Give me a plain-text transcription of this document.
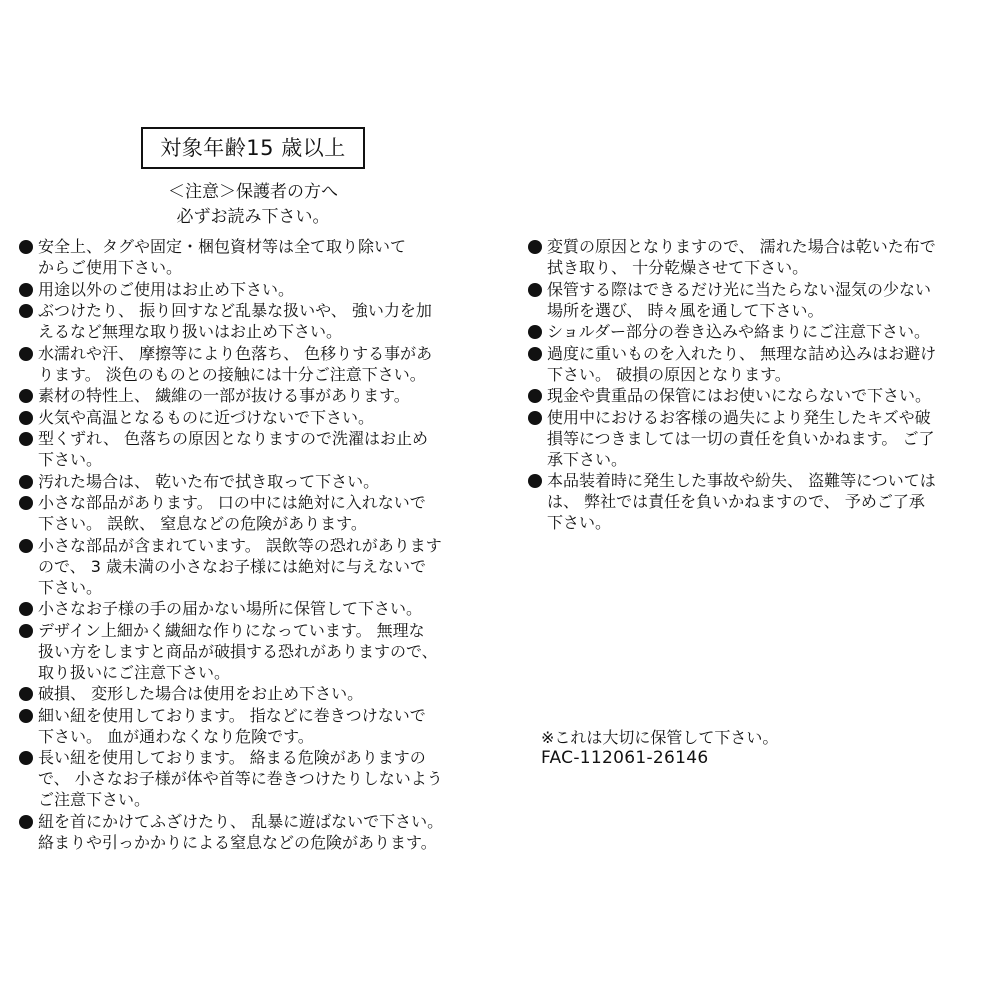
対象年齢15 歳以上
＜注意＞保護者の方へ
必ずお読み下さい。
安全上、タグや固定・梱包資材等は全て取り除いて
からご使用下さい。
用途以外のご使用はお止め下さい。
ぶつけたり、 振り回すなど乱暴な扱いや、 強い力を加
えるなど無理な取り扱いはお止め下さい。
水濡れや汗、 摩擦等により色落ち、 色移りする事があ
ります。 淡色のものとの接触には十分ご注意下さい。
素材の特性上、 繊維の一部が抜ける事があります。
火気や高温となるものに近づけないで下さい。
型くずれ、 色落ちの原因となりますので洗濯はお止め
下さい。
汚れた場合は、 乾いた布で拭き取って下さい。
小さな部品があります。 口の中には絶対に入れないで
下さい。 誤飲、 窒息などの危険があります。
小さな部品が含まれています。 誤飲等の恐れがあります
ので、 3 歳未満の小さなお子様には絶対に与えないで
下さい。
小さなお子様の手の届かない場所に保管して下さい。
デザイン上細かく繊細な作りになっています。 無理な
扱い方をしますと商品が破損する恐れがありますので、
取り扱いにご注意下さい。
破損、 変形した場合は使用をお止め下さい。
細い紐を使用しております。 指などに巻きつけないで
下さい。 血が通わなくなり危険です。
長い紐を使用しております。 絡まる危険がありますの
で、 小さなお子様が体や首等に巻きつけたりしないよう
ご注意下さい。
紐を首にかけてふざけたり、 乱暴に遊ばないで下さい。
絡まりや引っかかりによる窒息などの危険があります。
変質の原因となりますので、 濡れた場合は乾いた布で
拭き取り、 十分乾燥させて下さい。
保管する際はできるだけ光に当たらない湿気の少ない
場所を選び、 時々風を通して下さい。
ショルダー部分の巻き込みや絡まりにご注意下さい。
過度に重いものを入れたり、 無理な詰め込みはお避け
下さい。 破損の原因となります。
現金や貴重品の保管にはお使いにならないで下さい。
使用中におけるお客様の過失により発生したキズや破
損等につきましては一切の責任を負いかねます。 ご了
承下さい。
本品装着時に発生した事故や紛失、 盗難等については
は、 弊社では責任を負いかねますので、 予めご了承
下さい。
※これは大切に保管して下さい。
FAC-112061-26146
